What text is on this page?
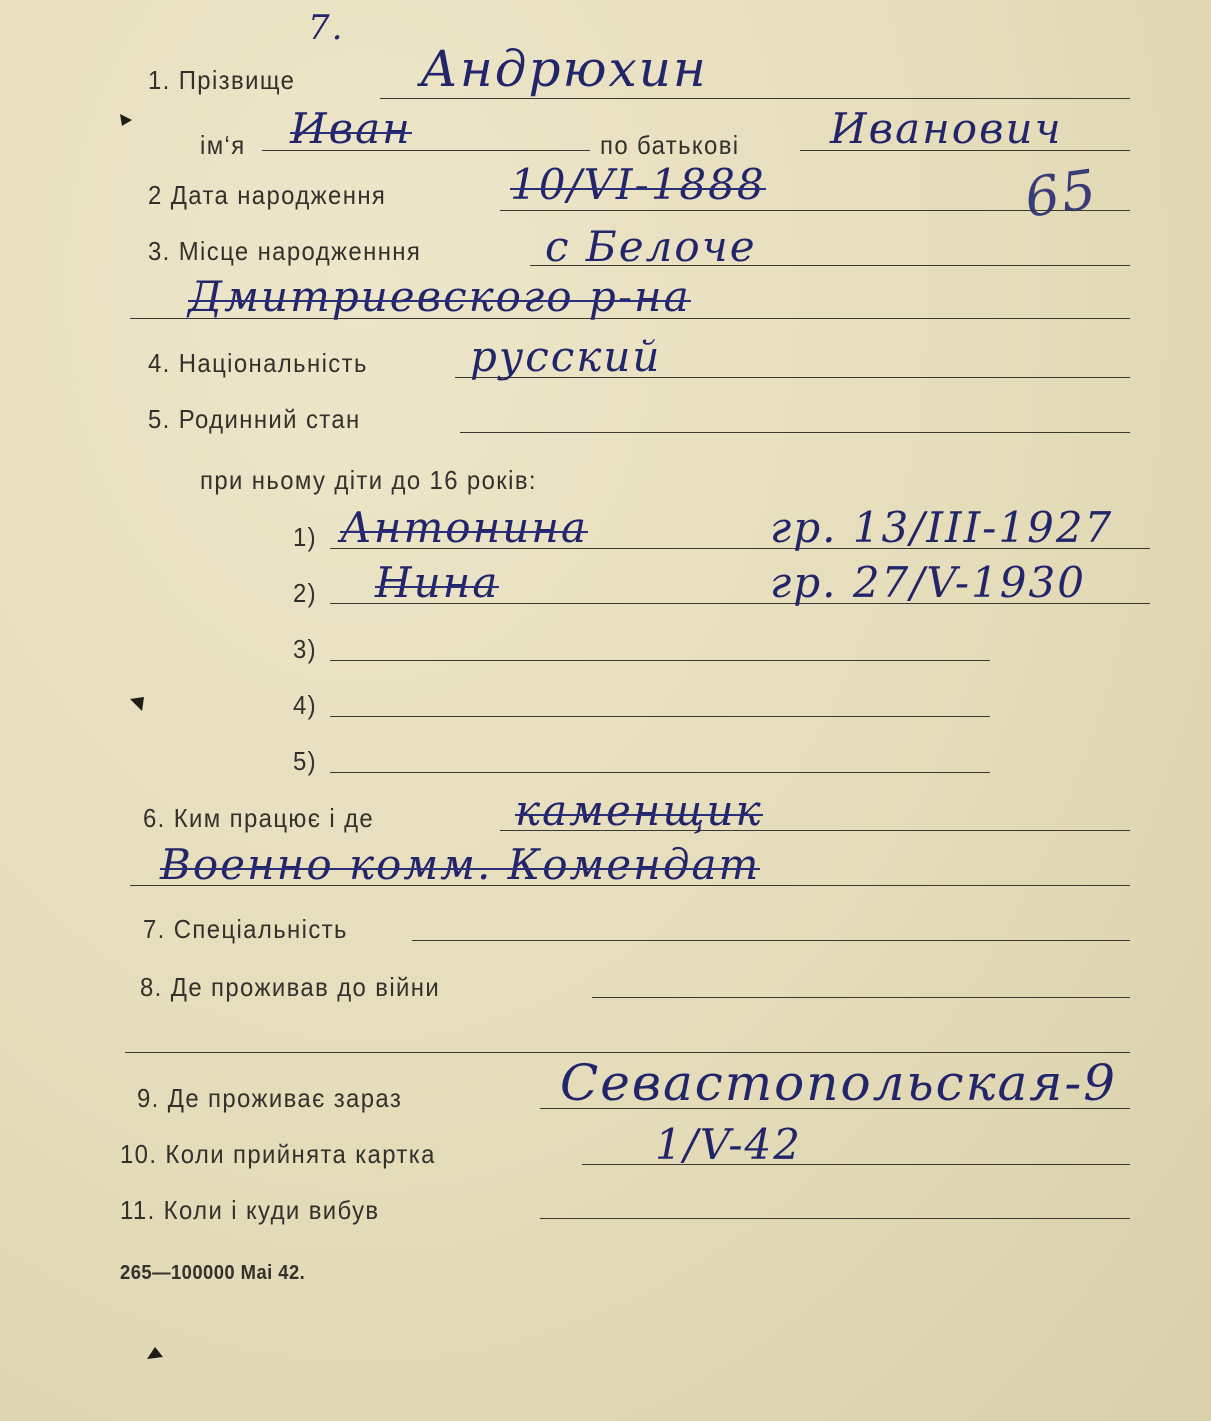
7.
65
1. Прізвище Андрюхин
ім‘я Иван	по батькові Иванович
2 Дата народження	10/VI-1888
3. Місце народженння	с Белоче
Дмитриевского р-на
4. Національність русский
5. Родинний стан
при ньому діти до 16 років:
1) Антонина	гр. 13/III-1927
2) Нина	гр. 27/V-1930
3)
4)
5)
6. Ким працює і де	каменщик
Военно комм. Комендат
7. Спеціальність
8. Де проживав до війни
9. Де проживає зараз	Севастопольская-9
10. Коли прийнята картка	1/V-42
11. Коли і куди вибув
265—100000 Mai 42.
